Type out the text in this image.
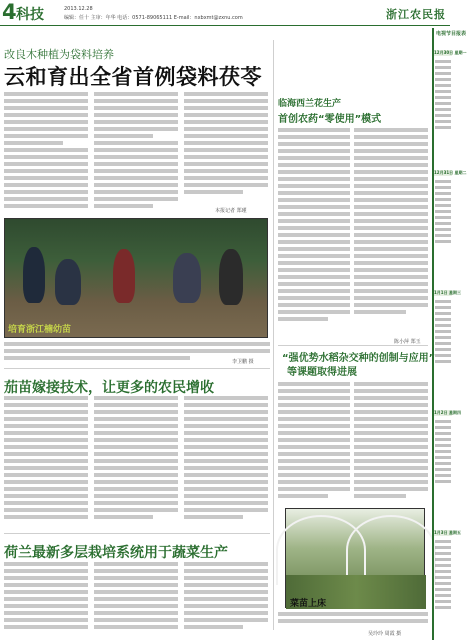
4 科技	2013.12.28
编辑：任十 主审：年华 电话：0571-89065111 E-mail：nxbxmt@zxnu.com	浙江农民报
改良木种植为袋料培养
云和育出全省首例袋料茯苓
本报记者 郑瑾
培育浙江楠幼苗
李卫鹏 摄
临海西兰花生产
首创农药“零使用”模式
陈小萍 郑玉
“强优势水稻杂交种的创制与应用”
等课题取得进展
茄苗嫁接技术，让更多的农民增收
荷兰最新多层栽培系统用于蔬菜生产
菜苗上床
吴玲玲 周霞 摄
电视节目报表
12月30日 星期一
12月31日 星期二
1月1日 星期三
1月2日 星期四
1月3日 星期五
